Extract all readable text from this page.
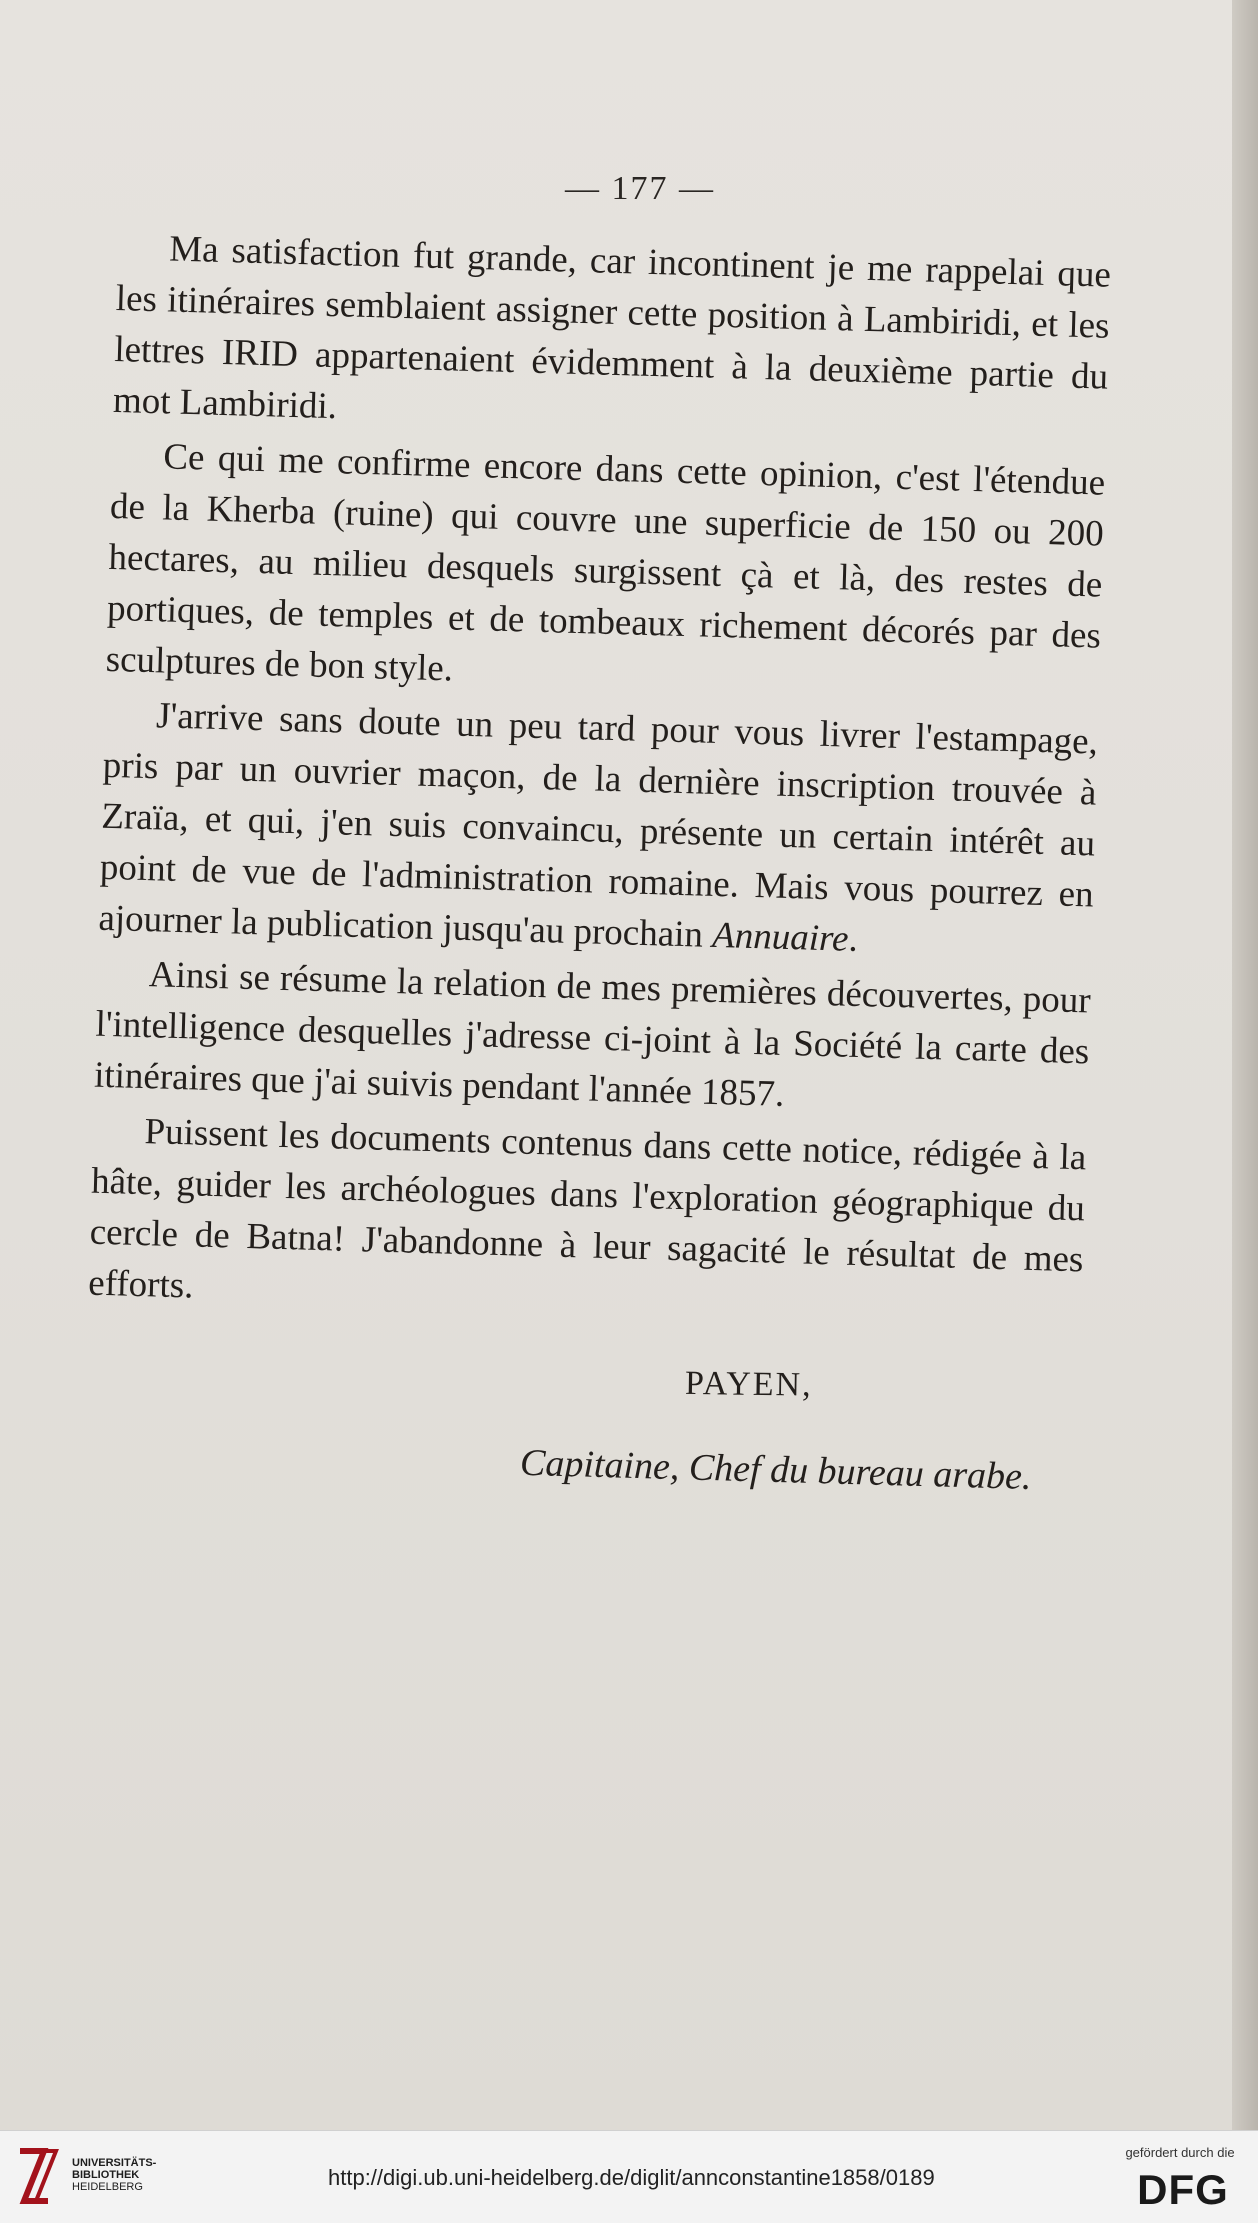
— 177 —

Ma satisfaction fut grande, car incontinent je me rappelai que les itinéraires semblaient assigner cette position à Lambiridi, et les lettres IRID appartenaient évidemment à la deuxième partie du mot Lambiridi.

Ce qui me confirme encore dans cette opinion, c'est l'étendue de la Kherba (ruine) qui couvre une superficie de 150 ou 200 hectares, au milieu desquels surgissent çà et là, des restes de portiques, de temples et de tombeaux richement décorés par des sculptures de bon style.

J'arrive sans doute un peu tard pour vous livrer l'estampage, pris par un ouvrier maçon, de la dernière inscription trouvée à Zraïa, et qui, j'en suis convaincu, présente un certain intérêt au point de vue de l'administration romaine. Mais vous pourrez en ajourner la publication jusqu'au prochain Annuaire.

Ainsi se résume la relation de mes premières découvertes, pour l'intelligence desquelles j'adresse ci-joint à la Société la carte des itinéraires que j'ai suivis pendant l'année 1857.

Puissent les documents contenus dans cette notice, rédigée à la hâte, guider les archéologues dans l'exploration géographique du cercle de Batna! J'abandonne à leur sagacité le résultat de mes efforts.

PAYEN,
Capitaine, Chef du bureau arabe.
UNIVERSITÄTS-
BIBLIOTHEK
HEIDELBERG	http://digi.ub.uni-heidelberg.de/diglit/annconstantine1858/0189
gefördert durch die
DFG
